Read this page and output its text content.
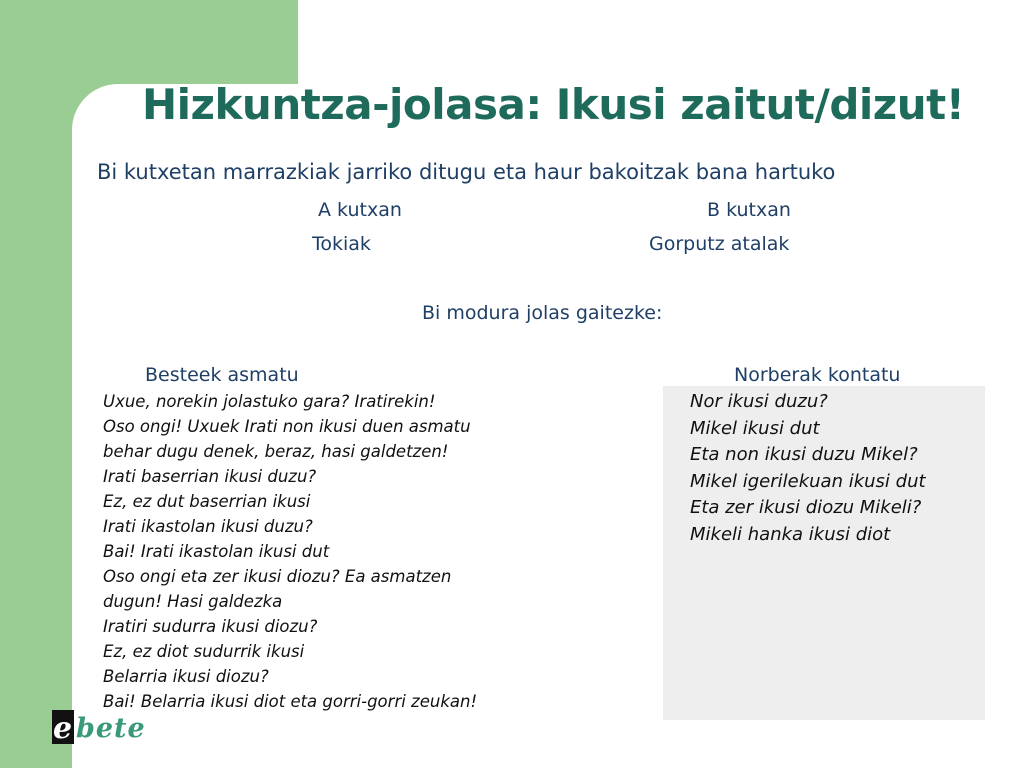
Hizkuntza-jolasa: Ikusi zaitut/dizut!
Bi kutxetan marrazkiak jarriko ditugu eta haur bakoitzak bana hartuko
A kutxan	B kutxan
Tokiak	Gorputz atalak
Bi modura jolas gaitezke:
Besteek asmatu	Norberak kontatu
Uxue, norekin jolastuko gara? Iratirekin!
Oso ongi! Uxuek Irati non ikusi duen asmatu
behar dugu denek, beraz, hasi galdetzen!
Irati baserrian ikusi duzu?
Ez, ez dut baserrian ikusi
Irati ikastolan ikusi duzu?
Bai! Irati ikastolan ikusi dut
Oso ongi eta zer ikusi diozu? Ea asmatzen
dugun! Hasi galdezka
Iratiri sudurra ikusi diozu?
Ez, ez diot sudurrik ikusi
Belarria ikusi diozu?
Bai! Belarria ikusi diot eta gorri-gorri zeukan!
Nor ikusi duzu?
Mikel ikusi dut
Eta non ikusi duzu Mikel?
Mikel igerilekuan ikusi dut
Eta zer ikusi diozu Mikeli?
Mikeli hanka ikusi diot
e bete
